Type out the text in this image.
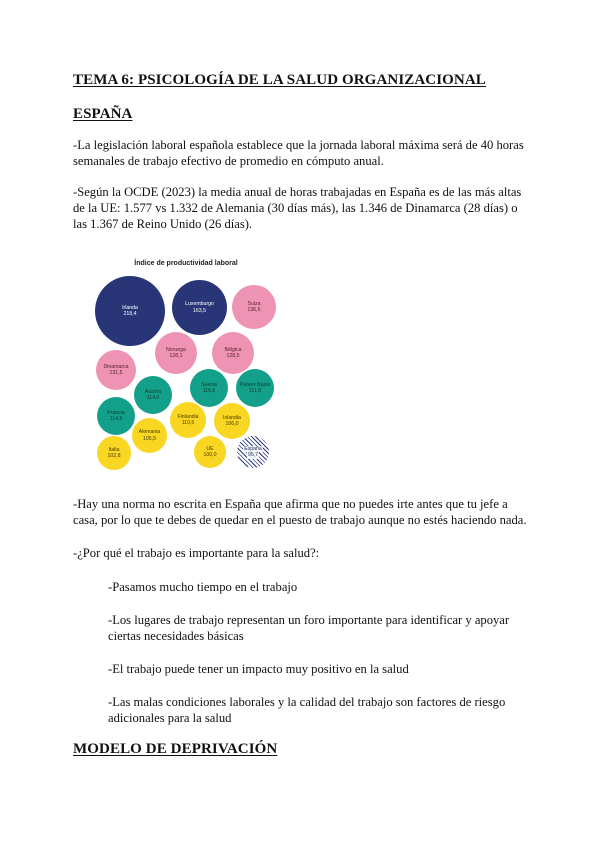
TEMA 6: PSICOLOGÍA DE LA SALUD ORGANIZACIONAL
ESPAÑA

-La legislación laboral española establece que la jornada laboral máxima será de 40 horas semanales de trabajo efectivo de promedio en cómputo anual.

-Según la OCDE (2023) la media anual de horas trabajadas en España es de las más altas de la UE: 1.577 vs 1.332 de Alemania (30 días más), las 1.346 de Dinamarca (28 días) o las 1.367 de Reino Unido (26 días).

Índice de productividad laboral
Irlanda
218,4
Luxemburgo
163,5
Suiza
136,5
Noruega
128,1
Bélgica
128,5
Dinamarca
131,5
Austria
114,0
Suecia
115,6
Países Bajos
111,8
Francia
114,8	Finlandia
110,5
Islandia
106,0
Alemania
105,5
Italia
102,8
UE
100,0
España
95,7

-Hay una norma no escrita en España que afirma que no puedes irte antes que tu jefe a casa, por lo que te debes de quedar en el puesto de trabajo aunque no estés haciendo nada.

-¿Por qué el trabajo es importante para la salud?:

-Pasamos mucho tiempo en el trabajo

-Los lugares de trabajo representan un foro importante para identificar y apoyar ciertas necesidades básicas

-El trabajo puede tener un impacto muy positivo en la salud

-Las malas condiciones laborales y la calidad del trabajo son factores de riesgo adicionales para la salud

MODELO DE DEPRIVACIÓN
